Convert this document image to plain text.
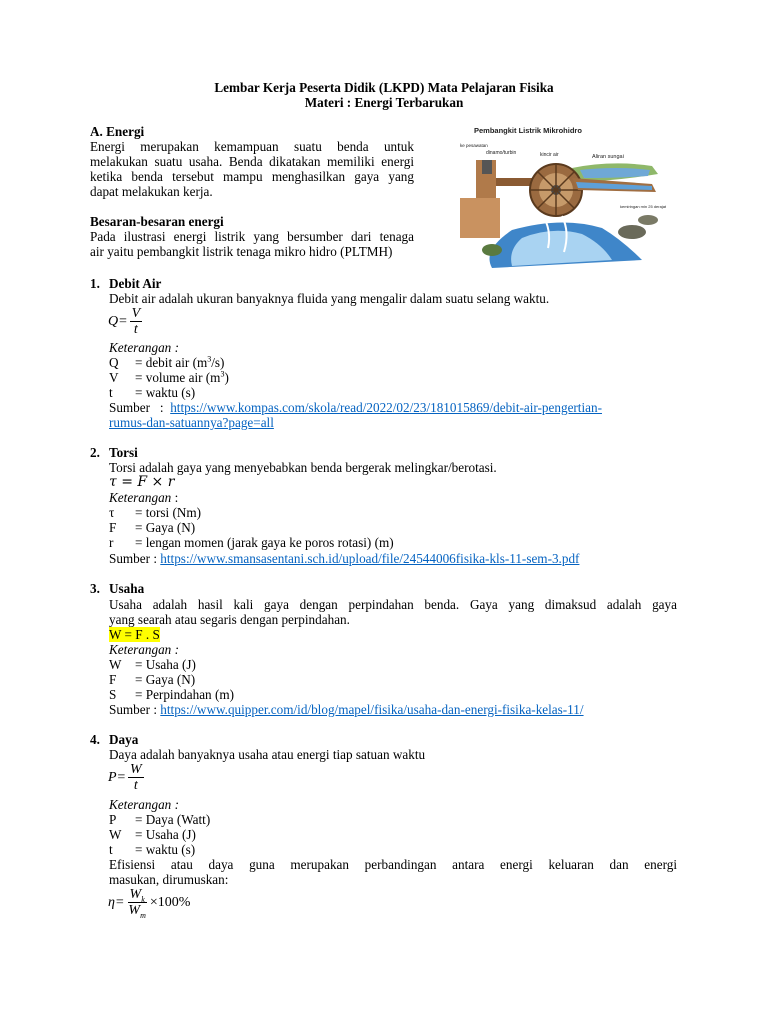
Lembar Kerja Peserta Didik (LKPD) Mata Pelajaran Fisika
Materi : Energi Terbarukan
A. Energi
Energi merupakan kemampuan suatu benda untuk
melakukan suatu usaha. Benda dikatakan memiliki energi
ketika benda tersebut mampu menghasilkan gaya yang
dapat melakukan kerja.
Besaran-besaran energi
Pada ilustrasi energi listrik yang bersumber dari tenaga
air yaitu pembangkit listrik tenaga mikro hidro (PLTMH)
Pembangkit Listrik Mikrohidro
ke pesawatan
dinamo/turbin	kincir air	Aliran sungai
kemiringan min 25 derajat
1. Debit Air
Debit air adalah ukuran banyaknya fluida yang mengalir dalam suatu selang waktu.
$Q= \frac{V}{t}$
Keterangan :
Q = debit air $(m^3/s)$
V = volume air $(m^3)$
t = waktu (s)
Sumber   :  https://www.kompas.com/skola/read/2022/02/23/181015869/debit-air-pengertian-
rumus-dan-satuannya?page=all
2. Torsi
Torsi adalah gaya yang menyebabkan benda bergerak melingkar/berotasi.
τ = F × r
Keterangan :
τ = torsi (Nm)
F = Gaya (N)
r = lengan momen (jarak gaya ke poros rotasi) (m)
Sumber : https://www.smansasentani.sch.id/upload/file/24544006fisika-kls-11-sem-3.pdf
3. Usaha
Usaha adalah hasil kali gaya dengan perpindahan benda. Gaya yang dimaksud adalah gaya
yang searah atau segaris dengan perpindahan.
W = F . S
Keterangan :
W = Usaha (J)
F = Gaya (N)
S = Perpindahan (m)
Sumber : https://www.quipper.com/id/blog/mapel/fisika/usaha-dan-energi-fisika-kelas-11/
4. Daya
Daya adalah banyaknya usaha atau energi tiap satuan waktu
$P= \frac{W}{t}$
Keterangan :
P = Daya (Watt)
W = Usaha (J)
t = waktu (s)
Efisiensi atau daya guna merupakan perbandingan antara energi keluaran dan energi
masukan, dirumuskan:
$\eta= \frac{W_k}{W_m} \times 100\%$
